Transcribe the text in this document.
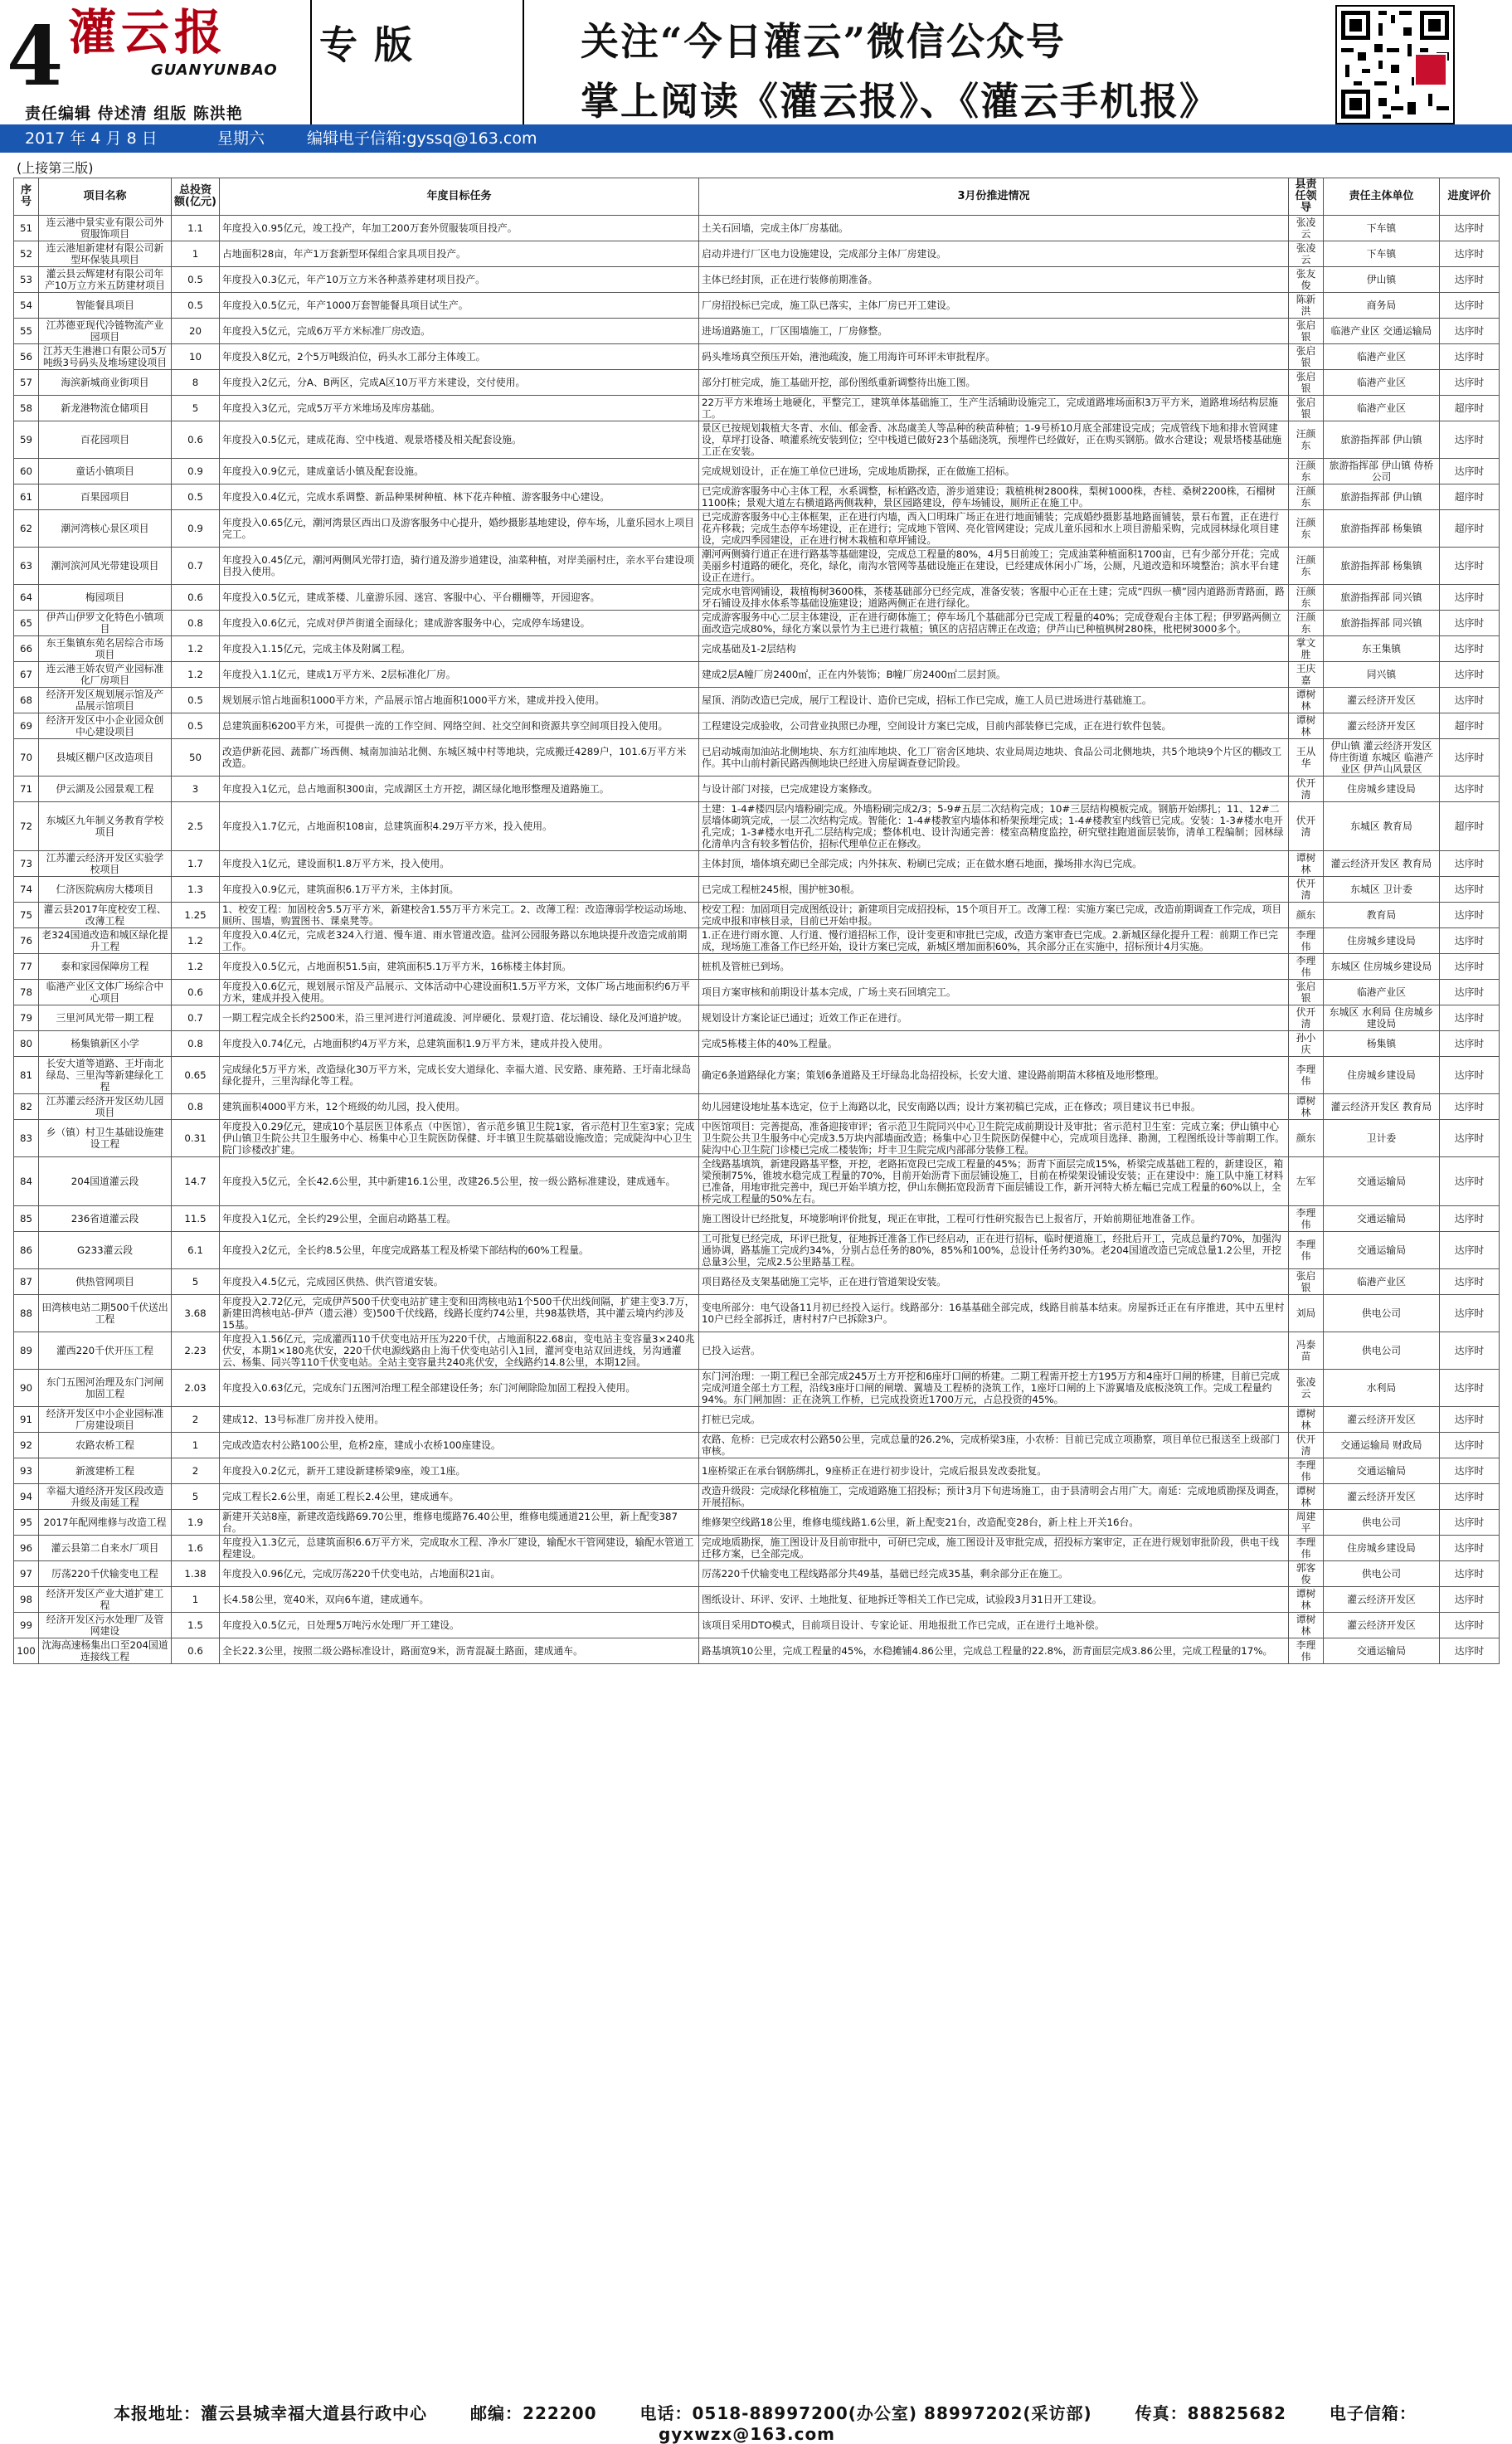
4 灌云报
GUANYUNBAO
责任编辑 侍述清 组版 陈洪艳
专版	关注“今日灌云”微信公众号
掌上阅读《灌云报》、《灌云手机报》
2017 年 4 月 8 日	星期六	编辑电子信箱:gyssq@163.com
(上接第三版)
序号	项目名称	总投资额(亿元)	年度目标任务	3月份推进情况	县责任领导	责任主体单位	进度评价
51	连云港中景实业有限公司外贸服饰项目	1.1	年度投入0.95亿元，竣工投产，年加工200万套外贸服装项目投产。	土关石回墙，完成主体厂房基础。	张凌云	下车镇	达序时
52	连云港旭新建材有限公司新型环保装具项目	1	占地面积28亩，年产1万套新型环保组合家具项目投产。	启动并进行厂区电力设施建设，完成部分主体厂房建设。	张凌云	下车镇	达序时
53	灌云县云辉建材有限公司年产10万立方米五防建材项目	0.5	年度投入0.3亿元，年产10万立方米各种蒸养建材项目投产。	主体已经封顶，正在进行装修前期准备。	张友俊	伊山镇	达序时
54	智能餐具项目	0.5	年度投入0.5亿元，年产1000万套智能餐具项目试生产。	厂房招投标已完成，施工队已落实，主体厂房已开工建设。	陈新洪	商务局	达序时
55	江苏德亚现代冷链物流产业园项目	20	年度投入5亿元，完成6万平方米标准厂房改造。	进场道路施工，厂区围墙施工，厂房修整。	张启银	临港产业区 交通运输局	达序时
56	江苏天生港港口有限公司5万吨级3号码头及堆场建设项目	10	年度投入8亿元，2个5万吨级泊位，码头水工部分主体竣工。	码头堆场真空预压开始，港池疏浚，施工用海许可环评未审批程序。	张启银	临港产业区	达序时
57	海滨新城商业街项目	8	年度投入2亿元，分A、B两区，完成A区10万平方米建设，交付使用。	部分打桩完成，施工基础开挖，部份图纸重新调整待出施工图。	张启银	临港产业区	达序时
58	新龙港物流仓储项目	5	年度投入3亿元，完成5万平方米堆场及库房基础。	22万平方米堆场土地硬化，平整完工，建筑单体基础施工，生产生活辅助设施完工，完成道路堆场面积3万平方米，道路堆场结构层施工。	张启银	临港产业区	超序时
59	百花园项目	0.6	年度投入0.5亿元，建成花海、空中栈道、观景塔楼及相关配套设施。	景区已按规划栽植大冬青、水仙、郁金香、冰岛虞美人等品种的秧苗种植；1-9号桥10月底全部建设完成；完成管线下地和排水管网建设，草坪打设备、喷灌系统安装到位；空中栈道已做好23个基础浇筑，预埋件已经做好，正在购买钢筋。做水合建设；观景塔楼基础施工正在安装。	汪颜东	旅游指挥部 伊山镇	达序时
60	童话小镇项目	0.9	年度投入0.9亿元，建成童话小镇及配套设施。	完成规划设计，正在施工单位已进场，完成地质勘探，正在做施工招标。	汪颜东	旅游指挥部 伊山镇 侍桥公司	达序时
61	百果园项目	0.5	年度投入0.4亿元，完成水系调整、新品种果树种植、林下花卉种植、游客服务中心建设。	已完成游客服务中心主体工程，水系调整，标柏路改造，游步道建设；栽植桃树2800株，梨树1000株，杏桂、桑树2200株，石榴树1100株；景观大道左右横道路两侧栽种，景区园路建设，停车场铺设，厕所正在施工中。	汪颜东	旅游指挥部 伊山镇	超序时
62	潮河湾核心景区项目	0.9	年度投入0.65亿元，潮河湾景区西出口及游客服务中心提升，婚纱摄影基地建设，停车场，儿童乐园水上项目完工。	已完成游客服务中心主体框架，正在进行内墙，西入口明珠广场正在进行地面铺装；完成婚纱摄影基地路面铺装，景石布置，正在进行花卉移栽；完成生态停车场建设，正在进行；完成地下管网、亮化管网建设；完成儿童乐园和水上项目游船采购，完成园林绿化项目建设，完成四季园建设，正在进行树木栽植和草坪铺设。	汪颜东	旅游指挥部 杨集镇	超序时
63	潮河滨河风光带建设项目	0.7	年度投入0.45亿元，潮河两侧风光带打造，骑行道及游步道建设，油菜种植，对岸美丽村庄，亲水平台建设项目投入使用。	潮河两侧骑行道正在进行路基等基础建设，完成总工程量的80%，4月5日前竣工；完成油菜种植面积1700亩，已有少部分开花；完成美丽乡村道路的硬化，亮化，绿化，南沟水管网等基础设施正在建设，已经建成休闲小广场，公厕，凡道改造和环境整治；滨水平台建设正在进行。	汪颜东	旅游指挥部 杨集镇	达序时
64	梅园项目	0.6	年度投入0.5亿元，建成茶楼、儿童游乐园、迷宫、客服中心、平台棚栅等，开园迎客。	完成水电管网铺设，栽植梅树3600株，茶楼基础部分已经完成，准备安装；客服中心正在土建；完成“四纵一横”园内道路沥青路面，路牙石铺设及排水体系等基础设施建设；道路两侧正在进行绿化。	汪颜东	旅游指挥部 同兴镇	达序时
65	伊芦山伊罗文化特色小镇项目	0.8	年度投入0.6亿元，完成对伊芦街道全面绿化；建成游客服务中心，完成停车场建设。	完成游客服务中心二层主体建设，正在进行砌体施工；停车场几个基础部分已完成工程量的40%；完成登观台主体工程；伊罗路两侧立面改造完成80%，绿化方案以景竹为主已进行栽植；镇区的店招店牌正在改造；伊芦山已种植枫树280株，枇杷树3000多个。	汪颜东	旅游指挥部 同兴镇	达序时
66	东王集镇东苑名居综合市场项目	1.2	年度投入1.15亿元，完成主体及附属工程。	完成基础及1-2层结构	掌文胜	东王集镇	达序时
67	连云港王娇农贸产业园标准化厂房项目	1.2	年度投入1.1亿元，建成1万平方米、2层标准化厂房。	建成2层A幢厂房2400㎡，正在内外装饰；B幢厂房2400㎡二层封顶。	王庆嘉	同兴镇	达序时
68	经济开发区规划展示馆及产品展示馆项目	0.5	规划展示馆占地面积1000平方米，产品展示馆占地面积1000平方米，建成并投入使用。	屋顶、消防改造已完成，展厅工程设计、造价已完成，招标工作已完成，施工人员已进场进行基础施工。	谭树林	灌云经济开发区	达序时
69	经济开发区中小企业园众创中心建设项目	0.5	总建筑面积6200平方米，可提供一流的工作空间、网络空间、社交空间和资源共享空间项目投入使用。	工程建设完成验收，公司营业执照已办理，空间设计方案已完成，目前内部装修已完成，正在进行软件包装。	谭树林	灌云经济开发区	超序时
70	县城区棚户区改造项目	50	改造伊新花园、蔬都广场西侧、城南加油站北侧、东城区城中村等地块，完成搬迁4289户，101.6万平方米改造。	已启动城南加油站北侧地块、东方红油库地块、化工厂宿舍区地块、农业局周边地块、食品公司北侧地块，共5个地块9个片区的棚改工作。其中山前村新民路西侧地块已经进入房屋调查登记阶段。	王从华	伊山镇 灌云经济开发区 侍庄街道 东城区 临港产业区 伊芦山风景区	达序时
71	伊云湖及公园景观工程	3	年度投入1亿元，总占地面积300亩，完成湖区土方开挖，湖区绿化地形整理及道路施工。	与设计部门对接，已完成建设方案修改。	伏开清	住房城乡建设局	达序时
72	东城区九年制义务教育学校项目	2.5	年度投入1.7亿元，占地面积108亩，总建筑面积4.29万平方米，投入使用。	土建：1-4#楼四层内墙粉刷完成。外墙粉刷完成2/3；5-9#五层二次结构完成；10#三层结构模板完成。钢筋开始绑扎；11、12#二层墙体砌筑完成，一层二次结构完成。智能化：1-4#楼教室内墙体和桥架预埋完成；1-4#楼教室内线管已完成。安装：1-3#楼水电开孔完成；1-3#楼水电开孔二层结构完成；整体机电、设计沟通完善：楼室高精度监控，研究壁挂跑道面层装饰，清单工程编制；园林绿化清单内含有较多暂估价，招标代理单位正在修改。	伏开清	东城区 教育局	超序时
73	江苏灌云经济开发区实验学校项目	1.7	年度投入1亿元，建设面积1.8万平方米，投入使用。	主体封顶，墙体填充砌已全部完成；内外抹灰、粉刷已完成；正在做水磨石地面，操场排水沟已完成。	谭树林	灌云经济开发区 教育局	达序时
74	仁济医院病房大楼项目	1.3	年度投入0.9亿元，建筑面积6.1万平方米，主体封顶。	已完成工程桩245根，围护桩30根。	伏开清	东城区 卫计委	达序时
75	灌云县2017年度校安工程、改薄工程	1.25	1、校安工程：加固校舍5.5万平方米，新建校舍1.55万平方米完工。2、改薄工程：改造薄弱学校运动场地、厕所、围墙，购置图书、课桌凳等。	校安工程：加固项目完成图纸设计；新建项目完成招投标，15个项目开工。改薄工程：实施方案已完成，改造前期调查工作完成，项目完成申报和审核目录，目前已开始申报。	颜东	教育局	达序时
76	老324国道改造和城区绿化提升工程	1.2	年度投入0.4亿元，完成老324入行道、慢车道、雨水管道改造。盐河公园服务路以东地块提升改造完成前期工作。	1.正在进行雨水篦、人行道、慢行道招标工作，设计变更和审批已完成，改造方案审查已完成。2.新城区绿化提升工程：前期工作已完成，现场施工准备工作已经开始，设计方案已完成，新城区增加面积60%，其余部分正在实施中，招标预计4月实施。	李理伟	住房城乡建设局	达序时
77	泰和家园保障房工程	1.2	年度投入0.5亿元，占地面积51.5亩，建筑面积5.1万平方米，16栋楼主体封顶。	桩机及管桩已到场。	李理伟	东城区 住房城乡建设局	达序时
78	临港产业区文体广场综合中心项目	0.6	年度投入0.6亿元，规划展示馆及产品展示、文体活动中心建设面积1.5万平方米，文体广场占地面积约6万平方米，建成并投入使用。	项目方案审核和前期设计基本完成，广场土夹石回填完工。	张启银	临港产业区	达序时
79	三里河风光带一期工程	0.7	一期工程完成全长约2500米，沿三里河进行河道疏浚、河岸硬化、景观打造、花坛铺设、绿化及河道护坡。	规划设计方案论证已通过；近效工作正在进行。	伏开清	东城区 水利局 住房城乡建设局	达序时
80	杨集镇新区小学	0.8	年度投入0.74亿元，占地面积约4万平方米，总建筑面积1.9万平方米，建成并投入使用。	完成5栋楼主体的40%工程量。	孙小庆	杨集镇	达序时
81	长安大道等道路、王圩南北绿岛、三里沟等新建绿化工程	0.65	完成绿化5万平方米，改造绿化30万平方米，完成长安大道绿化、幸福大道、民安路、康苑路、王圩南北绿岛绿化提升，三里沟绿化等工程。	确定6条道路绿化方案；策划6条道路及王圩绿岛北岛招投标，长安大道、建设路前期苗木移植及地形整理。	李理伟	住房城乡建设局	达序时
82	江苏灌云经济开发区幼儿园项目	0.8	建筑面积4000平方米，12个班级的幼儿园，投入使用。	幼儿园建设地址基本选定，位于上海路以北，民安南路以西；设计方案初稿已完成，正在修改；项目建议书已申报。	谭树林	灌云经济开发区 教育局	达序时
83	乡（镇）村卫生基础设施建设工程	0.31	年度投入0.29亿元，建成10个基层医卫体系点（中医馆），省示范乡镇卫生院1家，省示范村卫生室3家；完成伊山镇卫生院公共卫生服务中心、杨集中心卫生院医防保健、圩丰镇卫生院基础设施改造；完成陡沟中心卫生院门诊楼改扩建。	中医馆项目：完善提高，准备迎接审评；省示范卫生院同兴中心卫生院完成前期设计及审批；省示范村卫生室：完成立案；伊山镇中心卫生院公共卫生服务中心完成3.5万块内部墙面改造；杨集中心卫生院医防保健中心，完成项目选择、勘测，工程图纸设计等前期工作。陡沟中心卫生院门诊楼已完成二楼装饰；圩丰卫生院完成内部部分装修工程。	颜东	卫计委	达序时
84	204国道灌云段	14.7	年度投入5亿元，全长42.6公里，其中新建16.1公里，改建26.5公里，按一级公路标准建设，建成通车。	全线路基填筑，新建段路基平整，开挖，老路拓宽段已完成工程量的45%；沥青下面层完成15%，桥梁完成基础工程的，新建设区，箱梁预制75%，锥坡水稳完成工程量的70%，目前开始沥青下面层铺设施工，目前在桥梁架设铺设安装；正在建设中：施工队中施工材料已准备，用地审批完善中，现已开始半填方挖，伊山东侧拓宽段沥青下面层铺设工作，新开河特大桥左幅已完成工程量的60%以上，全桥完成工程量的50%左右。	左军	交通运输局	达序时
85	236省道灌云段	11.5	年度投入1亿元，全长约29公里，全面启动路基工程。	施工图设计已经批复，环境影响评价批复，现正在审批，工程可行性研究报告已上报省厅，开始前期征地准备工作。	李理伟	交通运输局	达序时
86	G233灌云段	6.1	年度投入2亿元，全长约8.5公里，年度完成路基工程及桥梁下部结构的60%工程量。	工可批复已经完成，环评已批复，征地拆迁准备工作已经启动，正在进行招标，临时便道施工，经批后开工，完成总量约70%，加强沟通协调，路基施工完成约34%，分别占总任务的80%，85%和100%，总设计任务约30%。老204国道改造已完成总量1.2公里，开挖总量3公里，完成2.5公里路基工程。	李理伟	交通运输局	达序时
87	供热管网项目	5	年度投入4.5亿元，完成园区供热、供汽管道安装。	项目路径及支架基础施工完毕，正在进行管道架设安装。	张启银	临港产业区	达序时
88	田湾核电站二期500千伏送出工程	3.68	年度投入2.72亿元，完成伊芦500千伏变电站扩建主变和田湾核电站1个500千伏出线间隔，扩建主变3.7万，新建田湾核电站-伊芦（遗云港）变)500千伏线路，线路长度约74公里，共98基铁塔，其中灌云境内约涉及15基。	变电所部分：电气设备11月初已经投入运行。线路部分：16基基础全部完成，线路目前基本结束。房屋拆迁正在有序推进，其中五里村10户已经全部拆迁，唐村村7户已拆除3户。	刘局	供电公司	达序时
89	灌西220千伏开压工程	2.23	年度投入1.56亿元，完成灌西110千伏变电站开压为220千伏，占地面积22.68亩，变电站主变容量3×240兆伏安，本期1×180兆伏安，220千伏电源线路由上海千伏变电站引入1回，灌河变电站双回进线，另沟通灌云、杨集、同兴等110千伏变电站。全站主变容量共240兆伏安，全线路约14.8公里，本期12回。	已投入运营。	冯泰苗	供电公司	达序时
90	东门五图河治理及东门河闸加固工程	2.03	年度投入0.63亿元，完成东门五图河治理工程全部建设任务；东门河闸除险加固工程投入使用。	东门河治理：一期工程已全部完成245万土方开挖和6座圩口闸的桥建。二期工程需开挖土方195万方和4座圩口闸的桥建，目前已完成完成河道全部土方工程，沿线3座圩口闸的闸墩、翼墙及工程桥的浇筑工作，1座圩口闸的上下游翼墙及底板浇筑工作。完成工程量约94%。东门闸加固：正在浇筑工作桥，已完成投资近1700万元，占总投资的45%。	张凌云	水利局	达序时
91	经济开发区中小企业园标准厂房建设项目	2	建成12、13号标准厂房并投入使用。	打桩已完成。	谭树林	灌云经济开发区	达序时
92	农路农桥工程	1	完成改造农村公路100公里，危桥2座，建成小农桥100座建设。	农路、危桥：已完成农村公路50公里，完成总量的26.2%，完成桥梁3座，小农桥：目前已完成立项勘察，项目单位已报送至上级部门审核。	伏开清	交通运输局 财政局	达序时
93	新渡建桥工程	2	年度投入0.2亿元，新开工建设新建桥梁9座，竣工1座。	1座桥梁正在承台钢筋绑扎，9座桥正在进行初步设计，完成后报县发改委批复。	李理伟	交通运输局	达序时
94	幸福大道经济开发区段改造升级及南延工程	5	完成工程长2.6公里，南延工程长2.4公里，建成通车。	改造升级段：完成绿化移植施工，完成道路施工招投标；预计3月下旬进场施工，由于县清明会占用广大。南延：完成地质勘探及调查，开展招标。	谭树林	灌云经济开发区	达序时
95	2017年配网维修与改造工程	1.9	新建开关站8座，新建改造线路69.70公里，维修电缆路76.40公里，维修电缆通道21公里，新上配变387台。	维修架空线路18公里，维修电缆线路1.6公里，新上配变21台，改造配变28台，新上柱上开关16台。	周建平	供电公司	达序时
96	灌云县第二自来水厂项目	1.6	年度投入1.3亿元，总建筑面积6.6万平方米，完成取水工程、净水厂建设，输配水干管网建设，输配水管道工程建设。	完成地质勘探，施工图设计及目前审批中，可研已完成，施工图设计及审批完成，招投标方案审定，正在进行规划审批阶段，供电干线迁移方案，已全部完成。	李理伟	住房城乡建设局	达序时
97	厉荡220千伏输变电工程	1.38	年度投入0.96亿元，完成厉荡220千伏变电站，占地面积21亩。	厉荡220千伏输变电工程线路部分共49基，基础已经完成35基，剩余部分正在施工。	郭客俊	供电公司	达序时
98	经济开发区产业大道扩建工程	1	长4.58公里，宽40米，双向6车道，建成通车。	图纸设计、环评、安评、土地批复、征地拆迁等相关工作已完成，试验段3月31日开工建设。	谭树林	灌云经济开发区	达序时
99	经济开发区污水处理厂及管网建设	1.5	年度投入0.5亿元，日处理5万吨污水处理厂开工建设。	该项目采用DTO模式，目前项目设计、专家论证、用地报批工作已完成，正在进行土地补偿。	谭树林	灌云经济开发区	达序时
100	沈海高速杨集出口至204国道连接线工程	0.6	全长22.3公里，按照二级公路标准设计，路面宽9米，沥青混凝土路面，建成通车。	路基填筑10公里，完成工程量的45%，水稳摊铺4.86公里，完成总工程量的22.8%，沥青面层完成3.86公里，完成工程量的17%。	李理伟	交通运输局	达序时
本报地址：灌云县城幸福大道县行政中心	邮编：222200	电话：0518-88997200(办公室) 88997202(采访部)	传真：88825682	电子信箱：gyxwzx@163.com
